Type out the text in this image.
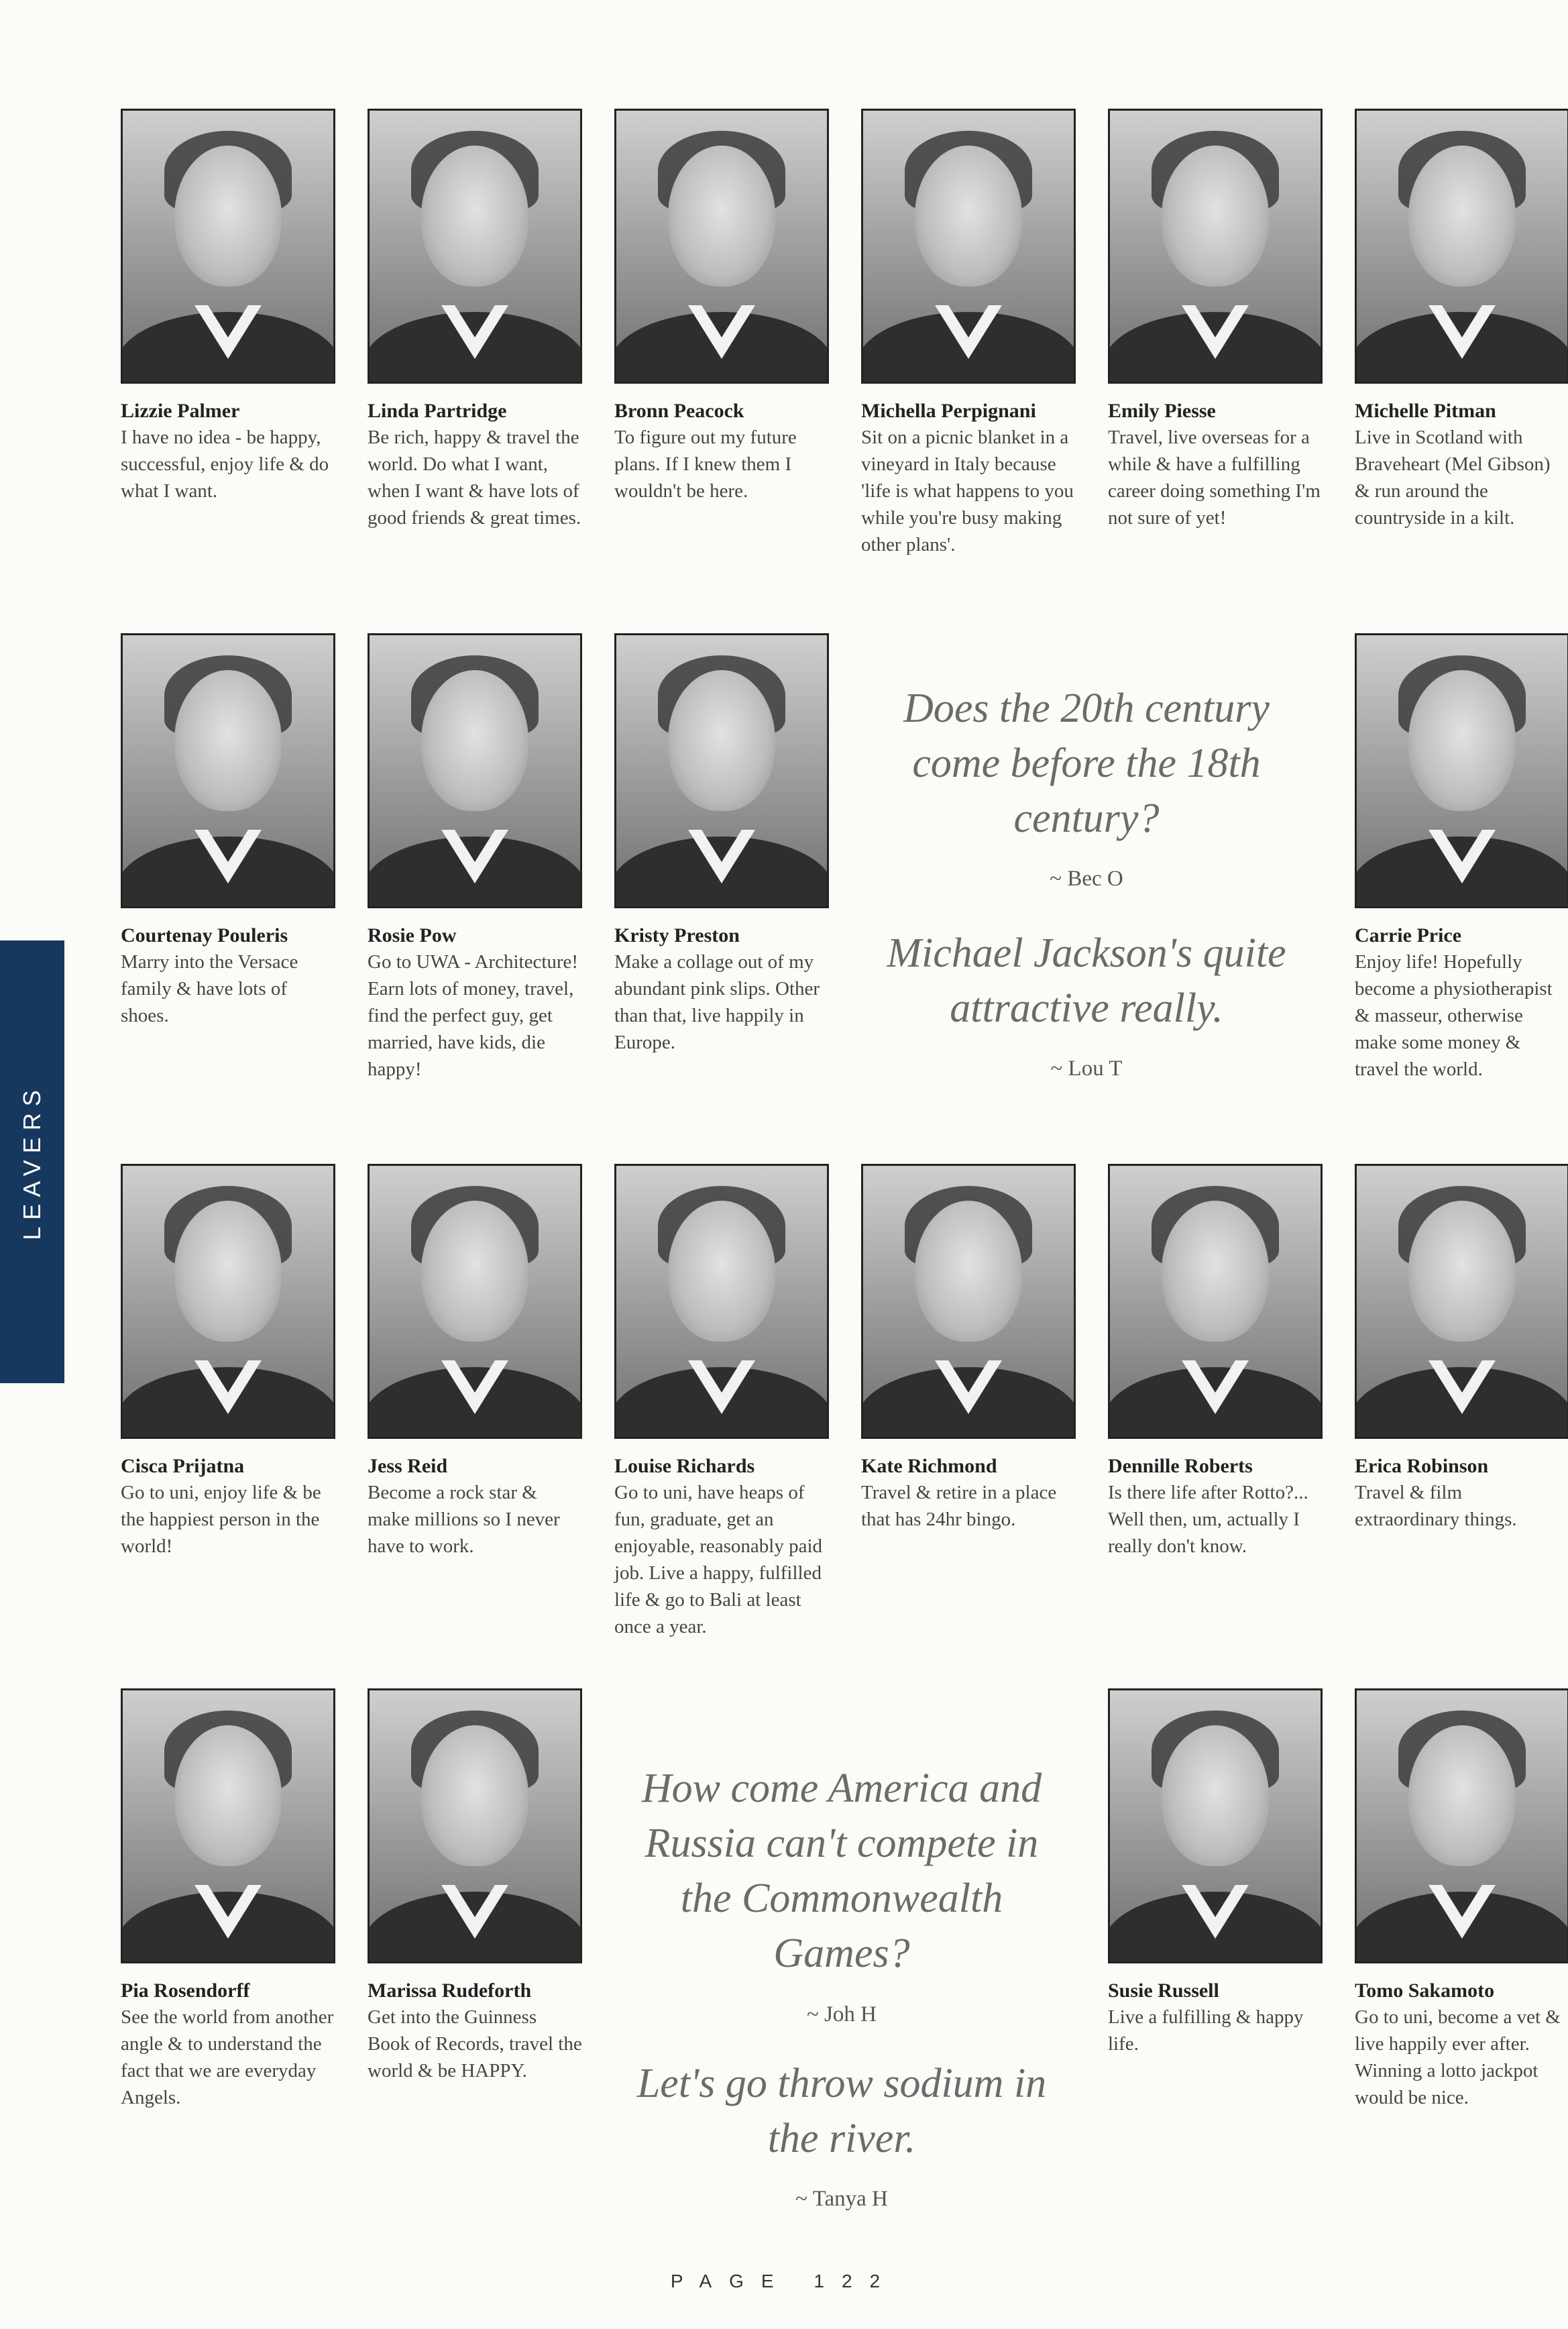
LEAVERS
Lizzie Palmer
I have no idea - be happy, successful, enjoy life & do what I want.
Linda Partridge
Be rich, happy & travel the world. Do what I want, when I want & have lots of good friends & great times.
Bronn Peacock
To figure out my future plans. If I knew them I wouldn't be here.
Michella Perpignani
Sit on a picnic blanket in a vineyard in Italy because 'life is what happens to you while you're busy making other plans'.
Emily Piesse
Travel, live overseas for a while & have a fulfilling career doing something I'm not sure of yet!
Michelle Pitman
Live in Scotland with Braveheart (Mel Gibson) & run around the countryside in a kilt.
Courtenay Pouleris
Marry into the Versace family & have lots of shoes.
Rosie Pow
Go to UWA - Architecture! Earn lots of money, travel, find the perfect guy, get married, have kids, die happy!
Kristy Preston
Make a collage out of my abundant pink slips. Other than that, live happily in Europe.
Carrie Price
Enjoy life! Hopefully become a physiotherapist & masseur, otherwise make some money & travel the world.
Does the 20th century come before the 18th century?
~ Bec O
Michael Jackson's quite attractive really.
~ Lou T
Cisca Prijatna
Go to uni, enjoy life & be the happiest person in the world!
Jess Reid
Become a rock star & make millions so I never have to work.
Louise Richards
Go to uni, have heaps of fun, graduate, get an enjoyable, reasonably paid job. Live a happy, fulfilled life & go to Bali at least once a year.
Kate Richmond
Travel & retire in a place that has 24hr bingo.
Dennille Roberts
Is there life after Rotto?... Well then, um, actually I really don't know.
Erica Robinson
Travel & film extraordinary things.
Pia Rosendorff
See the world from another angle & to understand the fact that we are everyday Angels.
Marissa Rudeforth
Get into the Guinness Book of Records, travel the world & be HAPPY.
Susie Russell
Live a fulfilling & happy life.
Tomo Sakamoto
Go to uni, become a vet & live happily ever after. Winning a lotto jackpot would be nice.
How come America and Russia can't compete in the Commonwealth Games?
~ Joh H
Let's go throw sodium in the river.
~ Tanya H
PAGE 122
